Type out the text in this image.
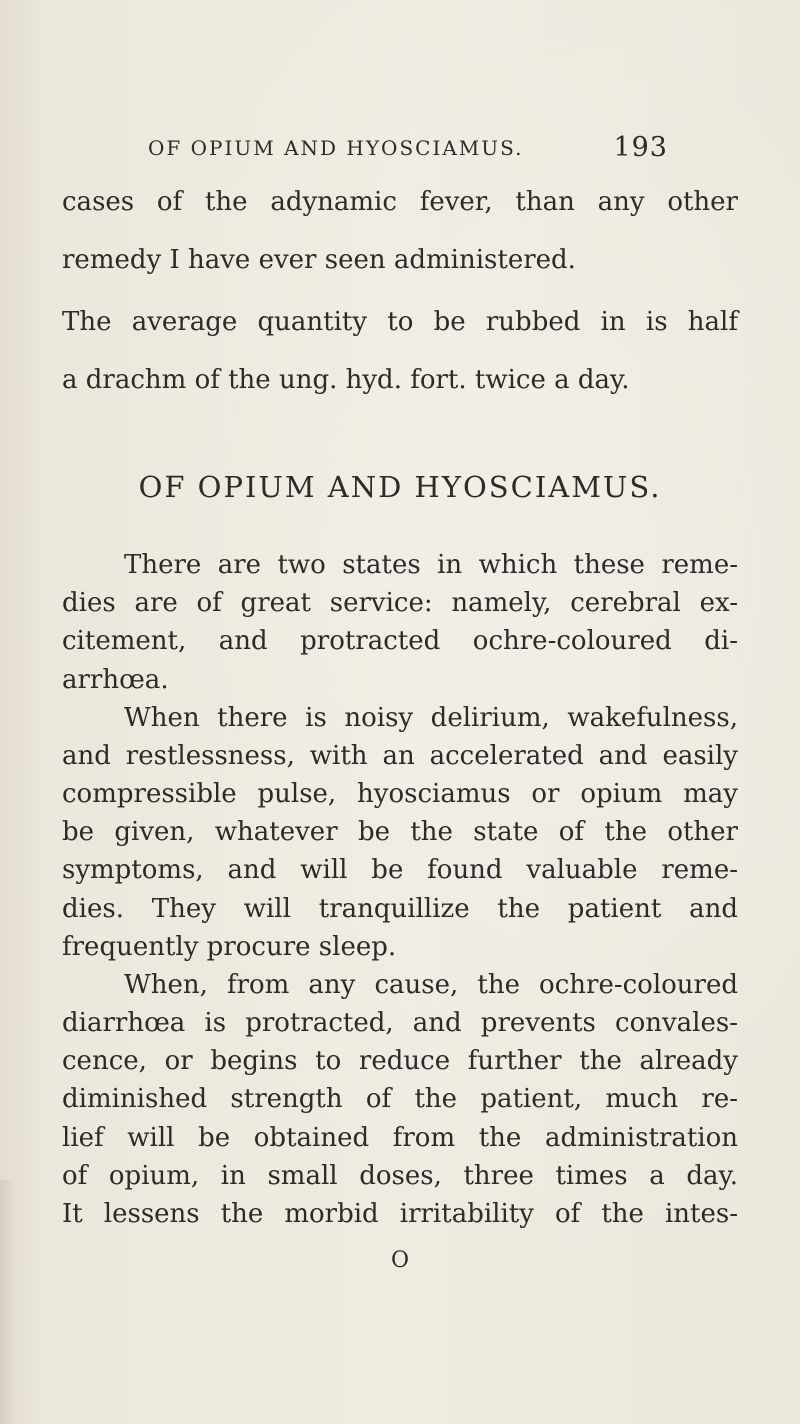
OF OPIUM AND HYOSCIAMUS.	193
cases of the adynamic fever, than any other
remedy I have ever seen administered.
The average quantity to be rubbed in is half
a drachm of the ung. hyd. fort. twice a day.
OF OPIUM AND HYOSCIAMUS.
There are two states in which these reme-
dies are of great service: namely, cerebral ex-
citement, and protracted ochre-coloured di-
arrhœa.
When there is noisy delirium, wakefulness,
and restlessness, with an accelerated and easily
compressible pulse, hyosciamus or opium may
be given, whatever be the state of the other
symptoms, and will be found valuable reme-
dies. They will tranquillize the patient and
frequently procure sleep.
When, from any cause, the ochre-coloured
diarrhœa is protracted, and prevents convales-
cence, or begins to reduce further the already
diminished strength of the patient, much re-
lief will be obtained from the administration
of opium, in small doses, three times a day.
It lessens the morbid irritability of the intes-
O
